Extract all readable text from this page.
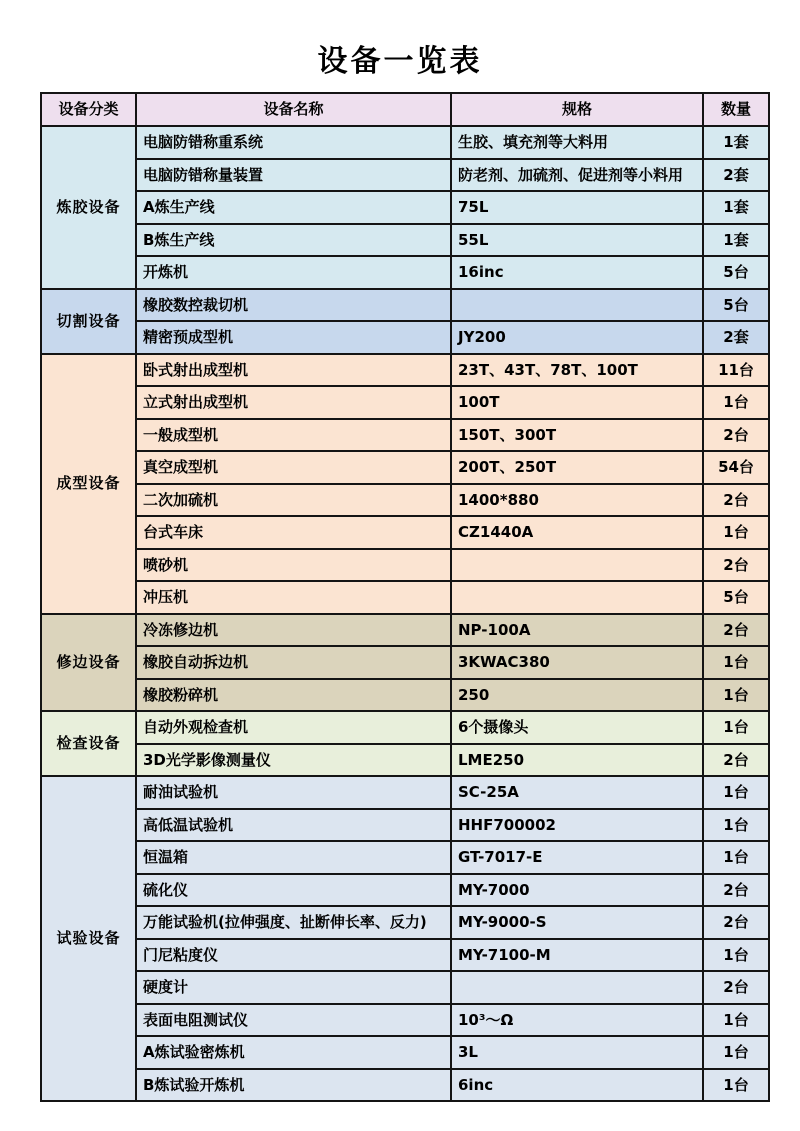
设备一览表
设备分类	设备名称	规格	数量
炼胶设备	电脑防错称重系统	生胶、填充剂等大料用	1套
	电脑防错称量装置	防老剂、加硫剂、促进剂等小料用	2套
	A炼生产线	75L	1套
	B炼生产线	55L	1套
	开炼机	16inc	5台
切割设备	橡胶数控裁切机		5台
	精密预成型机	JY200	2套
成型设备	卧式射出成型机	23T、43T、78T、100T	11台
	立式射出成型机	100T	1台
	一般成型机	150T、300T	2台
	真空成型机	200T、250T	54台
	二次加硫机	1400*880	2台
	台式车床	CZ1440A	1台
	喷砂机		2台
	冲压机		5台
修边设备	冷冻修边机	NP-100A	2台
	橡胶自动拆边机	3KWAC380	1台
	橡胶粉碎机	250	1台
检查设备	自动外观检查机	6个摄像头	1台
	3D光学影像测量仪	LME250	2台
试验设备	耐油试验机	SC-25A	1台
	高低温试验机	HHF700002	1台
	恒温箱	GT-7017-E	1台
	硫化仪	MY-7000	2台
	万能试验机(拉伸强度、扯断伸长率、反力)	MY-9000-S	2台
	门尼粘度仪	MY-7100-M	1台
	硬度计		2台
	表面电阻测试仪	10³～Ω	1台
	A炼试验密炼机	3L	1台
	B炼试验开炼机	6inc	1台
